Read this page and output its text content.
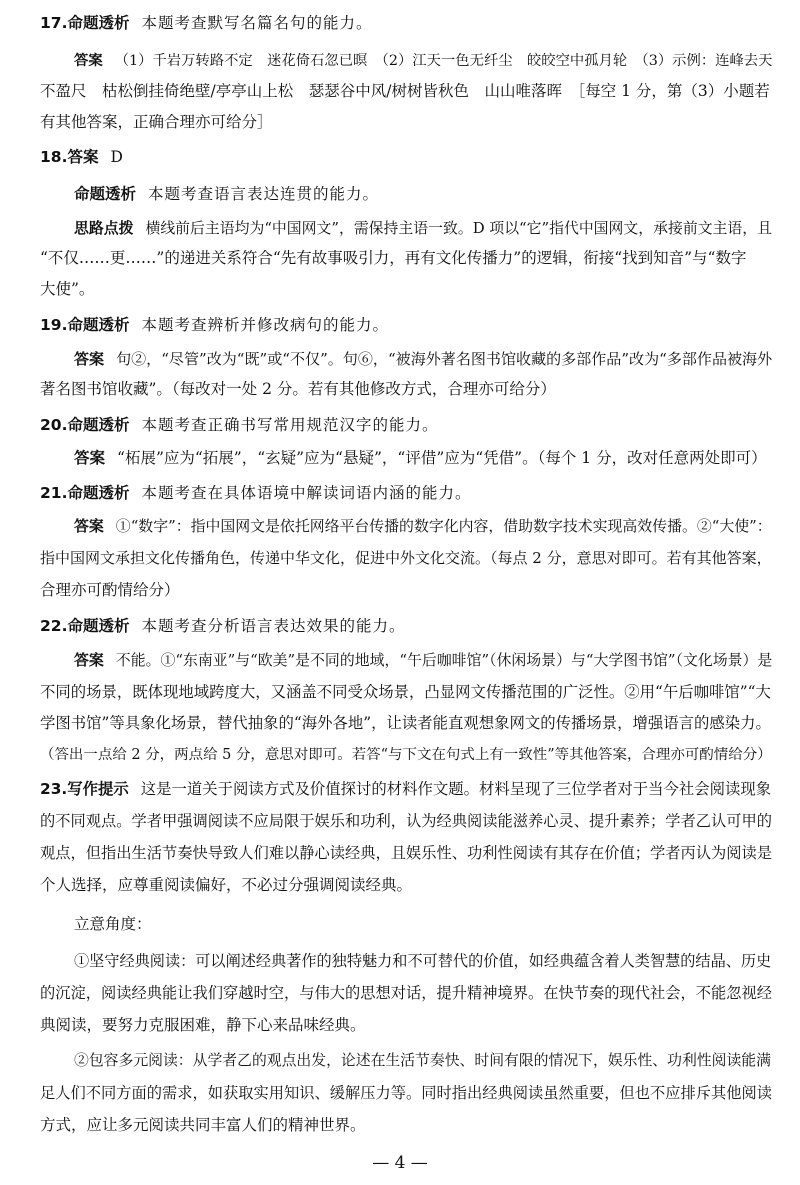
17.命题透析 本题考查默写名篇名句的能力。
答案 （1）千岩万转路不定　迷花倚石忽已暝　（2）江天一色无纤尘　皎皎空中孤月轮　（3）示例：连峰去天
不盈尺　枯松倒挂倚绝壁/亭亭山上松　瑟瑟谷中风/树树皆秋色　山山唯落晖　［每空 1 分，第（3）小题若
有其他答案，正确合理亦可给分］
18.答案 D
命题透析 本题考查语言表达连贯的能力。
思路点拨 横线前后主语均为“中国网文”，需保持主语一致。D 项以“它”指代中国网文，承接前文主语，且
“不仅……更……”的递进关系符合“先有故事吸引力，再有文化传播力”的逻辑，衔接“找到知音”与“数字
大使”。
19.命题透析 本题考查辨析并修改病句的能力。
答案 句②，“尽管”改为“既”或“不仅”。句⑥，“被海外著名图书馆收藏的多部作品”改为“多部作品被海外
著名图书馆收藏”。（每改对一处 2 分。若有其他修改方式，合理亦可给分）
20.命题透析 本题考查正确书写常用规范汉字的能力。
答案 “柘展”应为“拓展”，“玄疑”应为“悬疑”，“评借”应为“凭借”。（每个 1 分，改对任意两处即可）
21.命题透析 本题考查在具体语境中解读词语内涵的能力。
答案 ①“数字”：指中国网文是依托网络平台传播的数字化内容，借助数字技术实现高效传播。②“大使”：
指中国网文承担文化传播角色，传递中华文化，促进中外文化交流。（每点 2 分，意思对即可。若有其他答案，
合理亦可酌情给分）
22.命题透析 本题考查分析语言表达效果的能力。
答案 不能。①“东南亚”与“欧美”是不同的地域，“午后咖啡馆”（休闲场景）与“大学图书馆”（文化场景）是
不同的场景，既体现地域跨度大，又涵盖不同受众场景，凸显网文传播范围的广泛性。②用“午后咖啡馆”“大
学图书馆”等具象化场景，替代抽象的“海外各地”，让读者能直观想象网文的传播场景，增强语言的感染力。
（答出一点给 2 分，两点给 5 分，意思对即可。若答“与下文在句式上有一致性”等其他答案，合理亦可酌情给分）
23.写作提示 这是一道关于阅读方式及价值探讨的材料作文题。材料呈现了三位学者对于当今社会阅读现象
的不同观点。学者甲强调阅读不应局限于娱乐和功利，认为经典阅读能滋养心灵、提升素养；学者乙认可甲的
观点，但指出生活节奏快导致人们难以静心读经典，且娱乐性、功利性阅读有其存在价值；学者丙认为阅读是
个人选择，应尊重阅读偏好，不必过分强调阅读经典。
立意角度：
①坚守经典阅读：可以阐述经典著作的独特魅力和不可替代的价值，如经典蕴含着人类智慧的结晶、历史
的沉淀，阅读经典能让我们穿越时空，与伟大的思想对话，提升精神境界。在快节奏的现代社会，不能忽视经
典阅读，要努力克服困难，静下心来品味经典。
②包容多元阅读：从学者乙的观点出发，论述在生活节奏快、时间有限的情况下，娱乐性、功利性阅读能满
足人们不同方面的需求，如获取实用知识、缓解压力等。同时指出经典阅读虽然重要，但也不应排斥其他阅读
方式，应让多元阅读共同丰富人们的精神世界。
— 4 —
